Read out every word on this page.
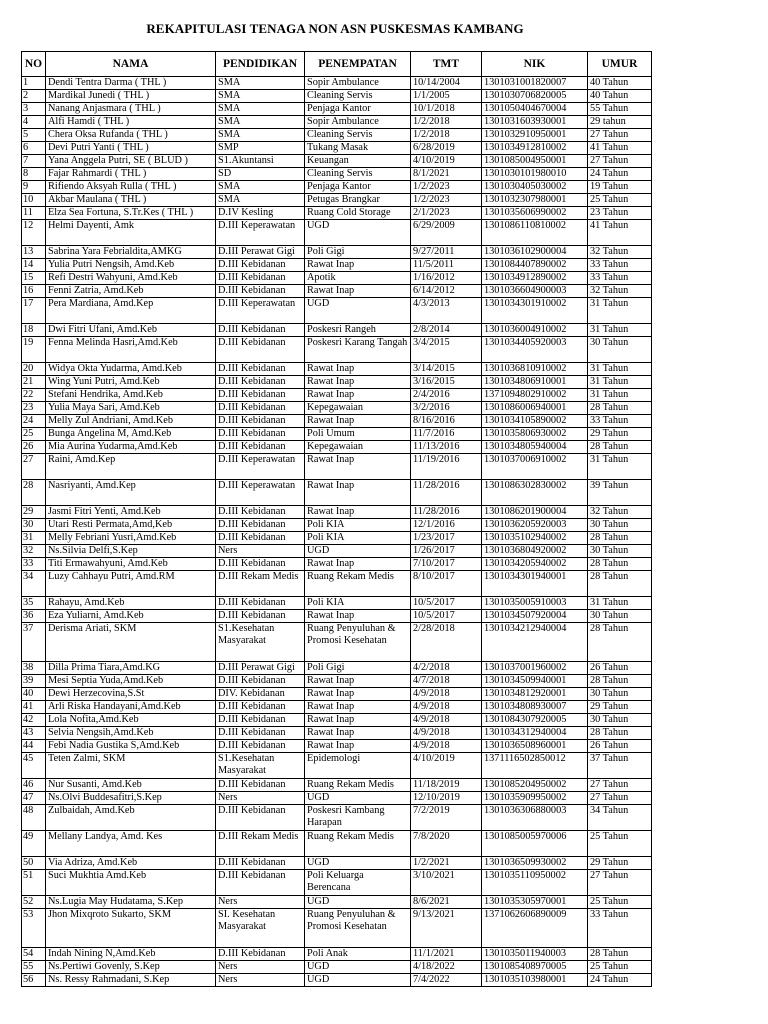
REKAPITULASI TENAGA NON ASN PUSKESMAS KAMBANG
NO	NAMA	PENDIDIKAN	PENEMPATAN	TMT	NIK	UMUR
1	Dendi Tentra Darma ( THL )	SMA	Sopir Ambulance	10/14/2004	1301031001820007	40 Tahun
2	Mardikal Junedi ( THL )	SMA	Cleaning Servis	1/1/2005	1301030706820005	40 Tahun
3	Nanang Anjasmara ( THL )	SMA	Penjaga Kantor	10/1/2018	1301050404670004	55 Tahun
4	Alfi Hamdi ( THL )	SMA	Sopir Ambulance	1/2/2018	1301031603930001	29 tahun
5	Chera Oksa Rufanda ( THL )	SMA	Cleaning Servis	1/2/2018	1301032910950001	27 Tahun
6	Devi Putri Yanti ( THL )	SMP	Tukang Masak	6/28/2019	1301034912810002	41 Tahun
7	Yana Anggela Putri, SE ( BLUD )	S1.Akuntansi	Keuangan	4/10/2019	1301085004950001	27 Tahun
8	Fajar Rahmardi ( THL )	SD	Cleaning Servis	8/1/2021	1301030101980010	24 Tahun
9	Rifiendo Aksyah Rulla ( THL )	SMA	Penjaga Kantor	1/2/2023	1301030405030002	19 Tahun
10	Akbar Maulana ( THL )	SMA	Petugas Brangkar	1/2/2023	1301032307980001	25 Tahun
11	Elza Sea Fortuna, S.Tr.Kes ( THL )	D.IV Kesling	Ruang Cold Storage	2/1/2023	1301035606990002	23 Tahun
12	Helmi Dayenti, Amk	D.III Keperawatan	UGD	6/29/2009	1301086110810002	41 Tahun
13	Sabrina Yara Febrialdita,AMKG	D.III Perawat Gigi	Poli Gigi	9/27/2011	1301036102900004	32 Tahun
14	Yulia Putri Nengsih, Amd.Keb	D.III Kebidanan	Rawat Inap	11/5/2011	1301084407890002	33 Tahun
15	Refi Destri Wahyuni, Amd.Keb	D.III Kebidanan	Apotik	1/16/2012	1301034912890002	33 Tahun
16	Fenni Zatria, Amd.Keb	D.III Kebidanan	Rawat Inap	6/14/2012	1301036604900003	32 Tahun
17	Pera Mardiana, Amd.Kep	D.III Keperawatan	UGD	4/3/2013	1301034301910002	31 Tahun
18	Dwi Fitri Ufani, Amd.Keb	D.III Kebidanan	Poskesri Rangeh	2/8/2014	1301036004910002	31 Tahun
19	Fenna Melinda Hasri,Amd.Keb	D.III Kebidanan	Poskesri Karang Tangah	3/4/2015	1301034405920003	30 Tahun
20	Widya Okta Yudarma, Amd.Keb	D.III Kebidanan	Rawat Inap	3/14/2015	1301036810910002	31 Tahun
21	Wing Yuni Putri, Amd.Keb	D.III Kebidanan	Rawat Inap	3/16/2015	1301034806910001	31 Tahun
22	Stefani Hendrika, Amd.Keb	D.III Kebidanan	Rawat Inap	2/4/2016	1371094802910002	31 Tahun
23	Yulia Maya Sari, Amd.Keb	D.III Kebidanan	Kepegawaian	3/2/2016	1301086006940001	28 Tahun
24	Melly Zul Andriani, Amd.Keb	D.III Kebidanan	Rawat Inap	8/16/2016	1301034105890002	33 Tahun
25	Bunga Angelina M, Amd.Keb	D.III Kebidanan	Poli Umum	11/7/2016	1301035806930002	29 Tahun
26	Mia Aurina Yudarma,Amd.Keb	D.III Kebidanan	Kepegawaian	11/13/2016	1301034805940004	28 Tahun
27	Raini, Amd.Kep	D.III Keperawatan	Rawat Inap	11/19/2016	1301037006910002	31 Tahun
28	Nasriyanti, Amd.Kep	D.III Keperawatan	Rawat Inap	11/28/2016	1301086302830002	39 Tahun
29	Jasmi Fitri Yenti, Amd.Keb	D.III Kebidanan	Rawat Inap	11/28/2016	1301086201900004	32 Tahun
30	Utari Resti Permata,Amd,Keb	D.III Kebidanan	Poli KIA	12/1/2016	1301036205920003	30 Tahun
31	Melly Febriani Yusri,Amd.Keb	D.III Kebidanan	Poli KIA	1/23/2017	1301035102940002	28 Tahun
32	Ns.Silvia Delfi,S.Kep	Ners	UGD	1/26/2017	1301036804920002	30 Tahun
33	Titi Ermawahyuni, Amd.Keb	D.III Kebidanan	Rawat Inap	7/10/2017	1301034205940002	28 Tahun
34	Luzy Cahhayu Putri, Amd.RM	D.III Rekam Medis	Ruang Rekam Medis	8/10/2017	1301034301940001	28 Tahun
35	Rahayu, Amd.Keb	D.III Kebidanan	Poli KIA	10/5/2017	1301035005910003	31 Tahun
36	Eza Yuliarni, Amd.Keb	D.III Kebidanan	Rawat Inap	10/5/2017	1301034507920004	30 Tahun
37	Derisma Ariati, SKM	S1.Kesehatan Masyarakat	Ruang Penyuluhan & Promosi Kesehatan	2/28/2018	1301034212940004	28 Tahun
38	Dilla Prima Tiara,Amd.KG	D.III Perawat Gigi	Poli Gigi	4/2/2018	1301037001960002	26 Tahun
39	Mesi Septia Yuda,Amd.Keb	D.III Kebidanan	Rawat Inap	4/7/2018	1301034509940001	28 Tahun
40	Dewi Herzecovina,S.St	DIV. Kebidanan	Rawat Inap	4/9/2018	1301034812920001	30 Tahun
41	Arli Riska Handayani,Amd.Keb	D.III Kebidanan	Rawat Inap	4/9/2018	1301034808930007	29 Tahun
42	Lola Nofita,Amd.Keb	D.III Kebidanan	Rawat Inap	4/9/2018	1301084307920005	30 Tahun
43	Selvia Nengsih,Amd.Keb	D.III Kebidanan	Rawat Inap	4/9/2018	1301034312940004	28 Tahun
44	Febi Nadia Gustika S,Amd.Keb	D.III Kebidanan	Rawat Inap	4/9/2018	1301036508960001	26 Tahun
45	Teten Zalmi, SKM	S1.Kesehatan Masyarakat	Epidemologi	4/10/2019	1371116502850012	37 Tahun
46	Nur Susanti, Amd.Keb	D.III Kebidanan	Ruang Rekam Medis	11/18/2019	1301085204950002	27 Tahun
47	Ns.Olvi Buddesafitri,S.Kep	Ners	UGD	12/10/2019	1301035909950002	27 Tahun
48	Zulbaidah, Amd.Keb	D.III Kebidanan	Poskesri Kambang Harapan	7/2/2019	1301036306880003	34 Tahun
49	Mellany Landya, Amd. Kes	D.III Rekam Medis	Ruang Rekam Medis	7/8/2020	1301085005970006	25 Tahun
50	Via Adriza, Amd.Keb	D.III Kebidanan	UGD	1/2/2021	1301036509930002	29 Tahun
51	Suci Mukhtia Amd.Keb	D.III Kebidanan	Poli Keluarga Berencana	3/10/2021	1301035110950002	27 Tahun
52	Ns.Lugia May Hudatama, S.Kep	Ners	UGD	8/6/2021	1301035305970001	25 Tahun
53	Jhon Mixqroto Sukarto, SKM	SI. Kesehatan Masyarakat	Ruang Penyuluhan & Promosi Kesehatan	9/13/2021	1371062606890009	33 Tahun
54	Indah Nining N,Amd.Keb	D.III Kebidanan	Poli Anak	11/1/2021	1301035011940003	28 Tahun
55	Ns.Pertiwi Govenly, S.Kep	Ners	UGD	4/18/2022	1301085408970005	25 Tahun
56	Ns. Ressy Rahmadani, S.Kep	Ners	UGD	7/4/2022	1301035103980001	24 Tahun
